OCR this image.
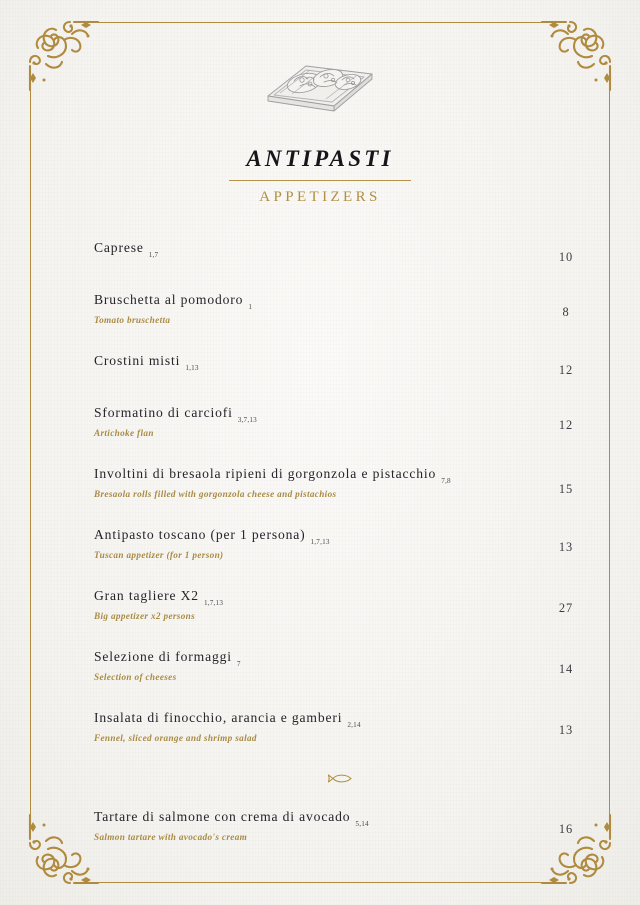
ANTIPASTI
APPETIZERS
Caprese $_{1,7}$	10
Bruschetta al pomodoro $_1$
Tomato bruschetta
8
Crostini misti $_{1,13}$	12
Sformatino di carciofi $_{3,7,13}$
Artichoke flan
12
Involtini di bresaola ripieni di gorgonzola e pistacchio $_{7,8}$
Bresaola rolls filled with gorgonzola cheese and pistachios	15
Antipasto toscano (per 1 persona) $_{1,7,13}$
Tuscan appetizer (for 1 person)
13
Gran tagliere X2 $_{1,7,13}$
Big appetizer x2 persons
27
Selezione di formaggi $_7$
Selection of cheeses
14
Insalata di finocchio, arancia e gamberi $_{2,14}$
Fennel, sliced orange and shrimp salad
13
Tartare di salmone con crema di avocado $_{5,14}$
Salmon tartare with avocado's cream
16
